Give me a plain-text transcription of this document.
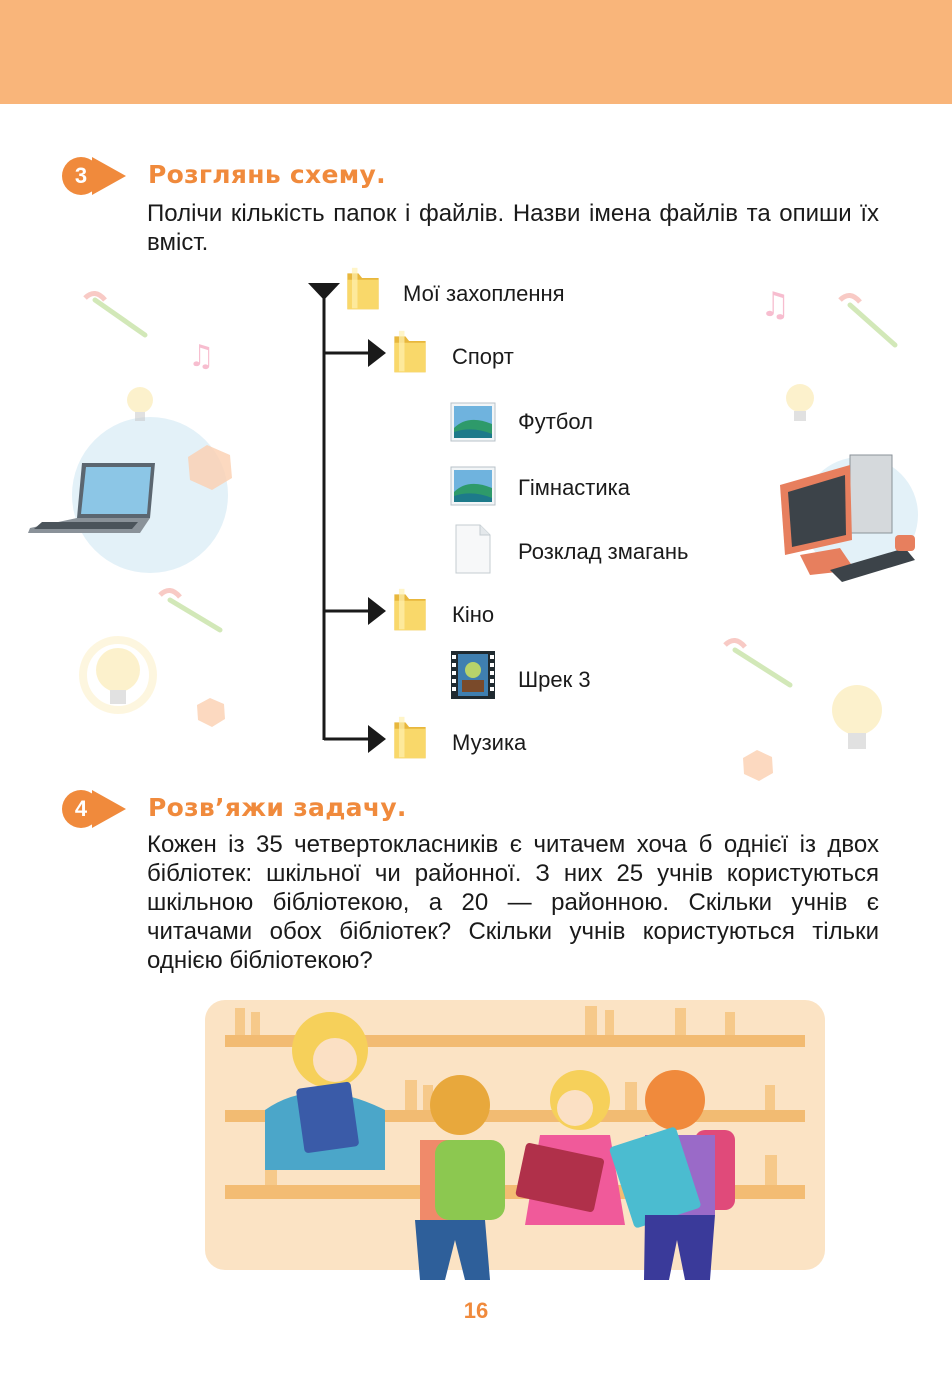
♫
♫
3	Розглянь схему.
Полічи кількість папок і файлів. Назви імена файлів та опиши їх вміст.
Мої захоплення
Спорт
Футбол
Гімнастика
Розклад змагань
Кіно
Шрек 3
Музика
4	Розв’яжи задачу.
Кожен із 35 четвертокласників є читачем хоча б однієї із двох бібліотек: шкільної чи районної. З них 25 учнів користуються шкільною бібліотекою, а 20 — районною. Скільки учнів є читачами обох бібліотек? Скільки учнів користуються тільки однією бібліотекою?
16
